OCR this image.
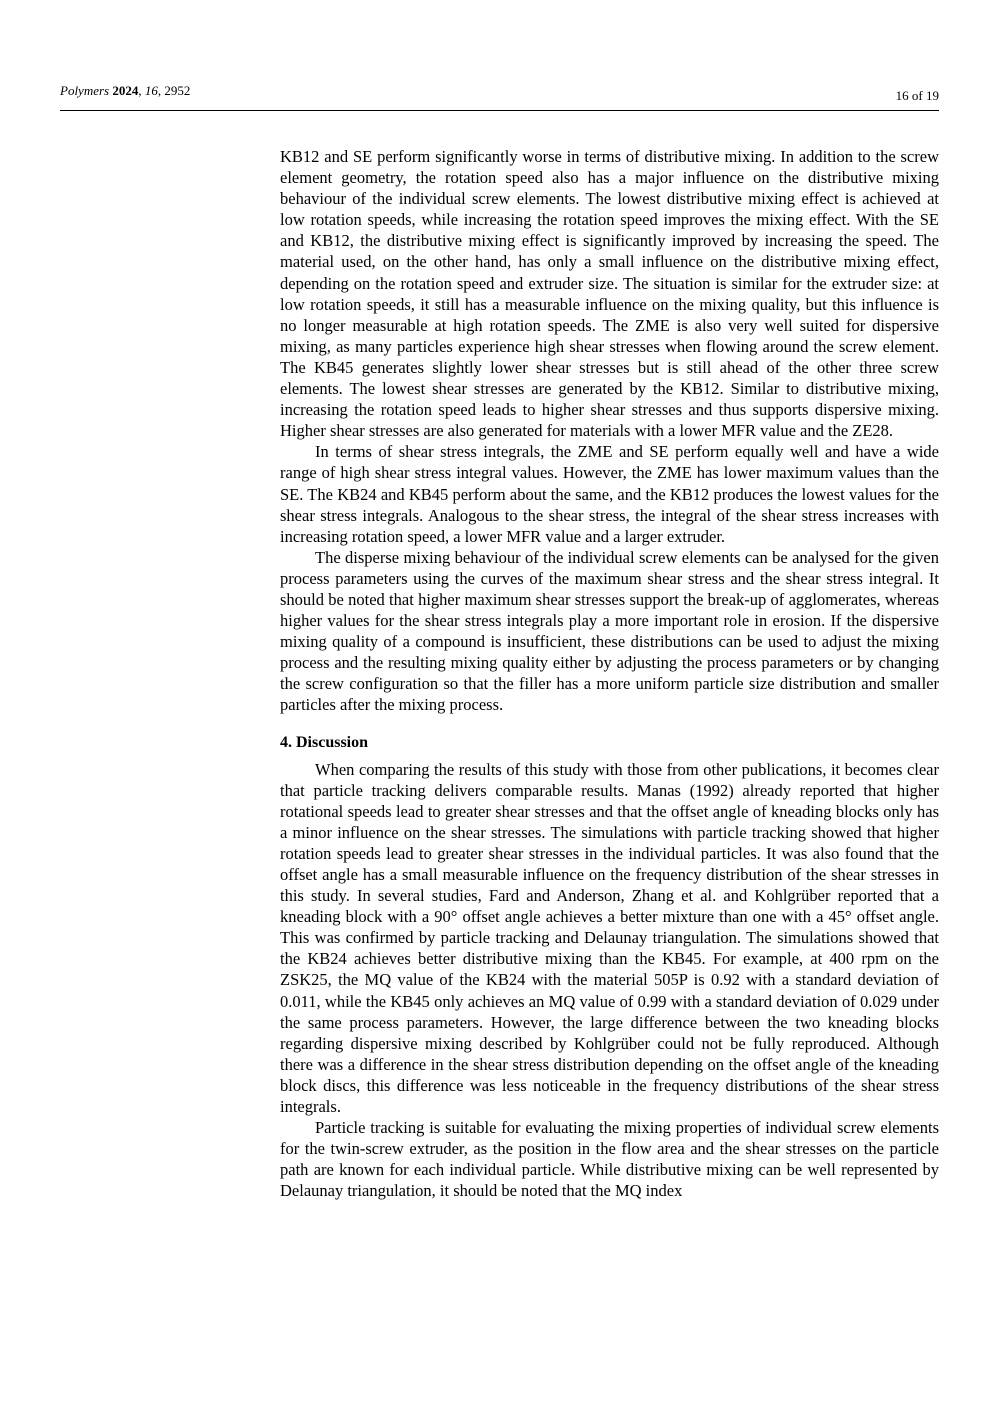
Polymers 2024, 16, 2952	16 of 19

KB12 and SE perform significantly worse in terms of distributive mixing. In addition to the screw element geometry, the rotation speed also has a major influence on the distributive mixing behaviour of the individual screw elements. The lowest distributive mixing effect is achieved at low rotation speeds, while increasing the rotation speed improves the mixing effect. With the SE and KB12, the distributive mixing effect is significantly improved by increasing the speed. The material used, on the other hand, has only a small influence on the distributive mixing effect, depending on the rotation speed and extruder size. The situation is similar for the extruder size: at low rotation speeds, it still has a measurable influence on the mixing quality, but this influence is no longer measurable at high rotation speeds. The ZME is also very well suited for dispersive mixing, as many particles experience high shear stresses when flowing around the screw element. The KB45 generates slightly lower shear stresses but is still ahead of the other three screw elements. The lowest shear stresses are generated by the KB12. Similar to distributive mixing, increasing the rotation speed leads to higher shear stresses and thus supports dispersive mixing. Higher shear stresses are also generated for materials with a lower MFR value and the ZE28.

In terms of shear stress integrals, the ZME and SE perform equally well and have a wide range of high shear stress integral values. However, the ZME has lower maximum values than the SE. The KB24 and KB45 perform about the same, and the KB12 produces the lowest values for the shear stress integrals. Analogous to the shear stress, the integral of the shear stress increases with increasing rotation speed, a lower MFR value and a larger extruder.

The disperse mixing behaviour of the individual screw elements can be analysed for the given process parameters using the curves of the maximum shear stress and the shear stress integral. It should be noted that higher maximum shear stresses support the break-up of agglomerates, whereas higher values for the shear stress integrals play a more important role in erosion. If the dispersive mixing quality of a compound is insufficient, these distributions can be used to adjust the mixing process and the resulting mixing quality either by adjusting the process parameters or by changing the screw configuration so that the filler has a more uniform particle size distribution and smaller particles after the mixing process.

4. Discussion

When comparing the results of this study with those from other publications, it becomes clear that particle tracking delivers comparable results. Manas (1992) already reported that higher rotational speeds lead to greater shear stresses and that the offset angle of kneading blocks only has a minor influence on the shear stresses. The simulations with particle tracking showed that higher rotation speeds lead to greater shear stresses in the individual particles. It was also found that the offset angle has a small measurable influence on the frequency distribution of the shear stresses in this study. In several studies, Fard and Anderson, Zhang et al. and Kohlgrüber reported that a kneading block with a 90° offset angle achieves a better mixture than one with a 45° offset angle. This was confirmed by particle tracking and Delaunay triangulation. The simulations showed that the KB24 achieves better distributive mixing than the KB45. For example, at 400 rpm on the ZSK25, the MQ value of the KB24 with the material 505P is 0.92 with a standard deviation of 0.011, while the KB45 only achieves an MQ value of 0.99 with a standard deviation of 0.029 under the same process parameters. However, the large difference between the two kneading blocks regarding dispersive mixing described by Kohlgrüber could not be fully reproduced. Although there was a difference in the shear stress distribution depending on the offset angle of the kneading block discs, this difference was less noticeable in the frequency distributions of the shear stress integrals.

Particle tracking is suitable for evaluating the mixing properties of individual screw elements for the twin-screw extruder, as the position in the flow area and the shear stresses on the particle path are known for each individual particle. While distributive mixing can be well represented by Delaunay triangulation, it should be noted that the MQ index
